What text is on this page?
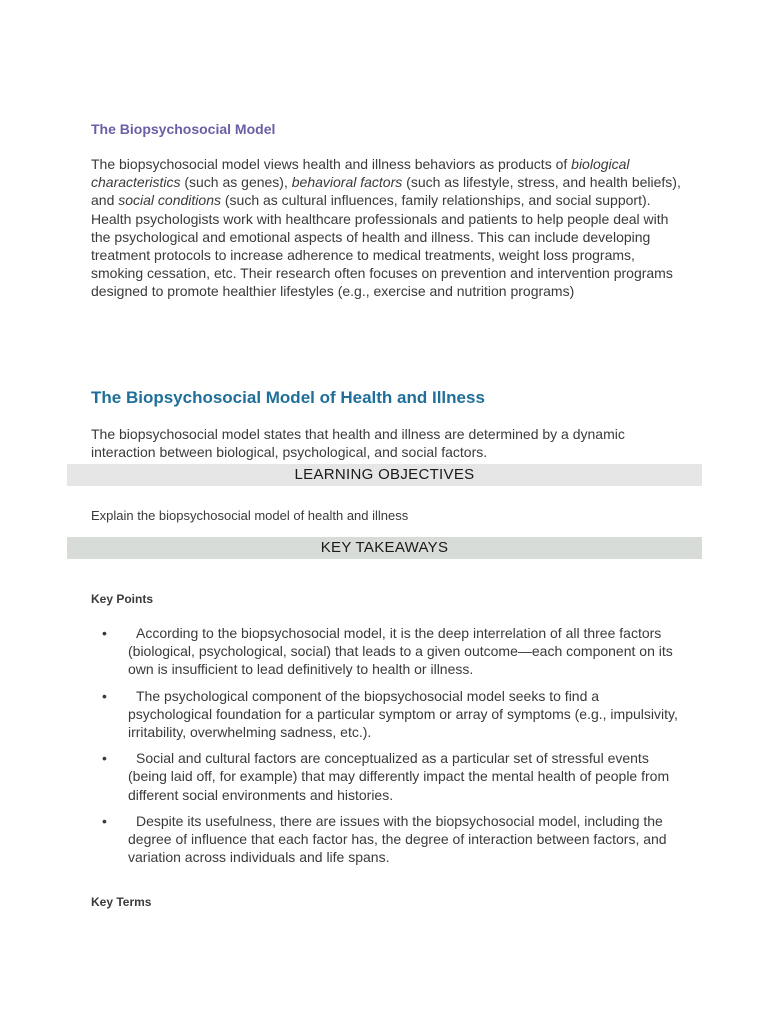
The Biopsychosocial Model

The biopsychosocial model views health and illness behaviors as products of biological characteristics (such as genes), behavioral factors (such as lifestyle, stress, and health beliefs), and social conditions (such as cultural influences, family relationships, and social support). Health psychologists work with healthcare professionals and patients to help people deal with the psychological and emotional aspects of health and illness. This can include developing treatment protocols to increase adherence to medical treatments, weight loss programs, smoking cessation, etc. Their research often focuses on prevention and intervention programs designed to promote healthier lifestyles (e.g., exercise and nutrition programs)

The Biopsychosocial Model of Health and Illness

The biopsychosocial model states that health and illness are determined by a dynamic interaction between biological, psychological, and social factors.

LEARNING OBJECTIVES

Explain the biopsychosocial model of health and illness

KEY TAKEAWAYS
Key Points
•	According to the biopsychosocial model, it is the deep interrelation of all three factors (biological, psychological, social) that leads to a given outcome—each component on its own is insufficient to lead definitively to health or illness.
•	The psychological component of the biopsychosocial model seeks to find a psychological foundation for a particular symptom or array of symptoms (e.g., impulsivity, irritability, overwhelming sadness, etc.).
•	Social and cultural factors are conceptualized as a particular set of stressful events (being laid off, for example) that may differently impact the mental health of people from different social environments and histories.
•	Despite its usefulness, there are issues with the biopsychosocial model, including the degree of influence that each factor has, the degree of interaction between factors, and variation across individuals and life spans.
Key Terms
